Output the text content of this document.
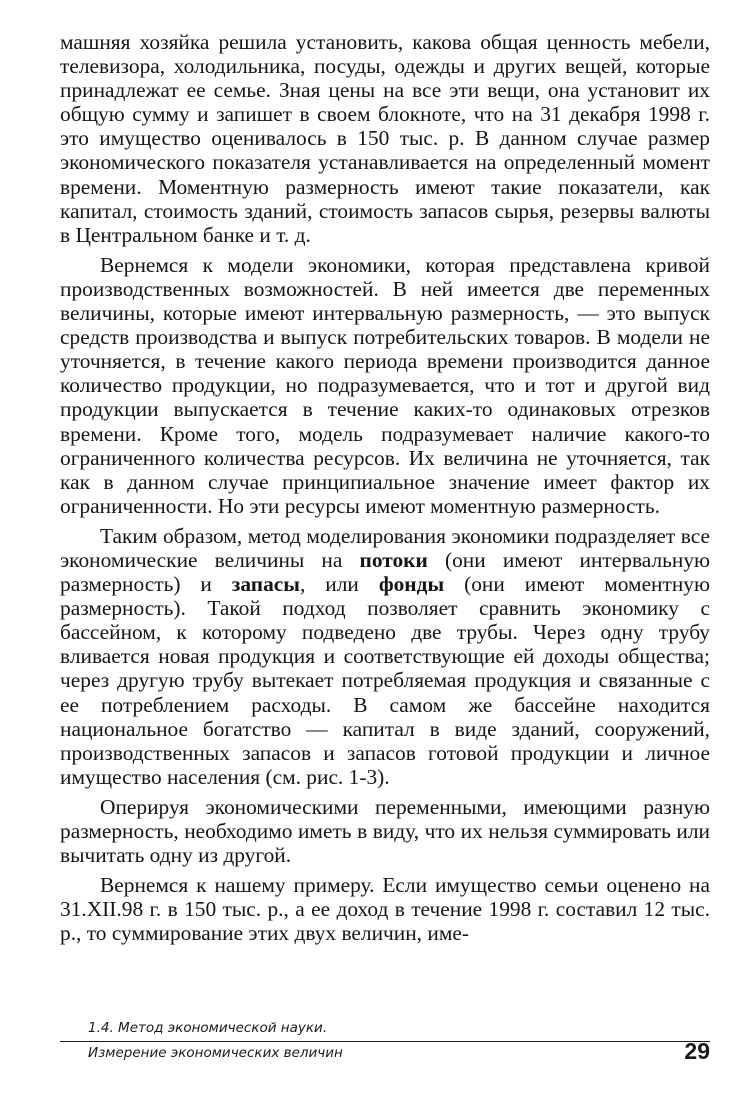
машняя хозяйка решила установить, какова общая ценность мебели, телевизора, холодильника, посуды, одежды и других вещей, которые принадлежат ее семье. Зная цены на все эти вещи, она установит их общую сумму и запишет в своем блокноте, что на 31 декабря 1998 г. это имущество оценивалось в 150 тыс. р. В данном случае размер экономического показателя устанавливается на определенный момент времени. Моментную размерность имеют такие показатели, как капитал, стоимость зданий, стоимость запасов сырья, резервы валюты в Центральном банке и т. д.

Вернемся к модели экономики, которая представлена кривой производственных возможностей. В ней имеется две переменных величины, которые имеют интервальную размерность, — это выпуск средств производства и выпуск потребительских товаров. В модели не уточняется, в течение какого периода времени производится данное количество продукции, но подразумевается, что и тот и другой вид продукции выпускается в течение каких-то одинаковых отрезков времени. Кроме того, модель подразумевает наличие какого-то ограниченного количества ресурсов. Их величина не уточняется, так как в данном случае принципиальное значение имеет фактор их ограниченности. Но эти ресурсы имеют моментную размерность.

Таким образом, метод моделирования экономики подразделяет все экономические величины на потоки (они имеют интервальную размерность) и запасы, или фонды (они имеют моментную размерность). Такой подход позволяет сравнить экономику с бассейном, к которому подведено две трубы. Через одну трубу вливается новая продукция и соответствующие ей доходы общества; через другую трубу вытекает потребляемая продукция и связанные с ее потреблением расходы. В самом же бассейне находится национальное богатство — капитал в виде зданий, сооружений, производственных запасов и запасов готовой продукции и личное имущество населения (см. рис. 1-3).

Оперируя экономическими переменными, имеющими разную размерность, необходимо иметь в виду, что их нельзя суммировать или вычитать одну из другой.

Вернемся к нашему примеру. Если имущество семьи оценено на 31.XII.98 г. в 150 тыс. р., а ее доход в течение 1998 г. составил 12 тыс. р., то суммирование этих двух величин, име-

1.4. Метод экономической науки.
Измерение экономических величин	29
